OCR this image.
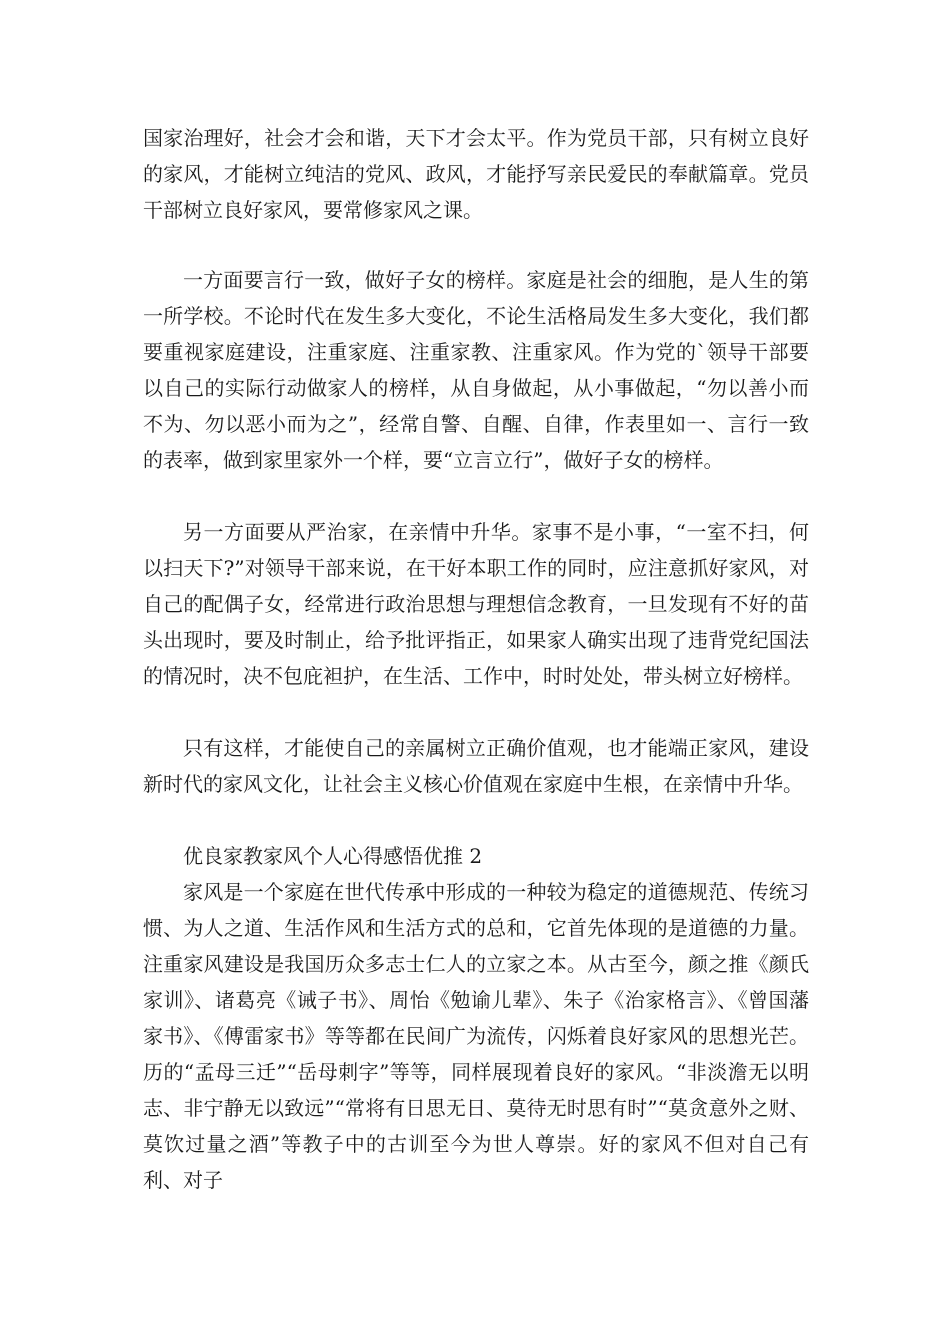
国家治理好，社会才会和谐，天下才会太平。作为党员干部，只有树立良好的家风，才能树立纯洁的党风、政风，才能抒写亲民爱民的奉献篇章。党员干部树立良好家风，要常修家风之课。

一方面要言行一致，做好子女的榜样。家庭是社会的细胞，是人生的第一所学校。不论时代在发生多大变化，不论生活格局发生多大变化，我们都要重视家庭建设，注重家庭、注重家教、注重家风。作为党的`领导干部要以自己的实际行动做家人的榜样，从自身做起，从小事做起，“勿以善小而不为、勿以恶小而为之”，经常自警、自醒、自律，作表里如一、言行一致的表率，做到家里家外一个样，要“立言立行”，做好子女的榜样。

另一方面要从严治家，在亲情中升华。家事不是小事，“一室不扫，何以扫天下?”对领导干部来说，在干好本职工作的同时，应注意抓好家风，对自己的配偶子女，经常进行政治思想与理想信念教育，一旦发现有不好的苗头出现时，要及时制止，给予批评指正，如果家人确实出现了违背党纪国法的情况时，决不包庇袒护，在生活、工作中，时时处处，带头树立好榜样。

只有这样，才能使自己的亲属树立正确价值观，也才能端正家风，建设新时代的家风文化，让社会主义核心价值观在家庭中生根，在亲情中升华。

优良家教家风个人心得感悟优推 2

家风是一个家庭在世代传承中形成的一种较为稳定的道德规范、传统习惯、为人之道、生活作风和生活方式的总和，它首先体现的是道德的力量。注重家风建设是我国历众多志士仁人的立家之本。从古至今，颜之推《颜氏家训》、诸葛亮《诫子书》、周怡《勉谕儿辈》、朱子《治家格言》、《曾国藩家书》、《傅雷家书》等等都在民间广为流传，闪烁着良好家风的思想光芒。历的“孟母三迁”“岳母刺字”等等，同样展现着良好的家风。“非淡澹无以明志、非宁静无以致远”“常将有日思无日、莫待无时思有时”“莫贪意外之财、莫饮过量之酒”等教子中的古训至今为世人尊崇。好的家风不但对自己有利、对子
